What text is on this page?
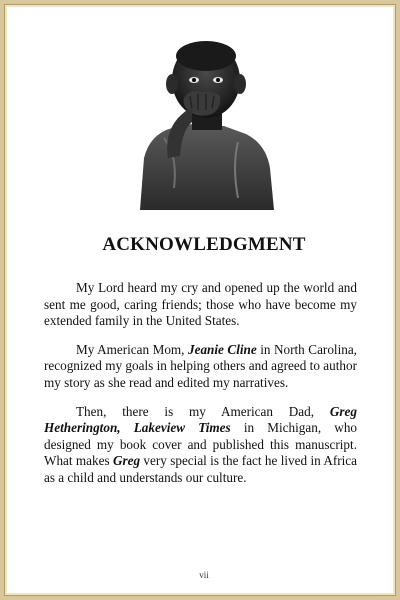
ACKNOWLEDGMENT

My Lord heard my cry and opened up the world and sent me good, caring friends; those who have become my extended family in the United States.

My American Mom, Jeanie Cline in North Carolina, recognized my goals in helping others and agreed to author my story as she read and edited my narratives.

Then, there is my American Dad, Greg Hetherington, Lakeview Times in Michigan, who designed my book cover and published this manuscript. What makes Greg very special is the fact he lived in Africa as a child and understands our culture.

vii
